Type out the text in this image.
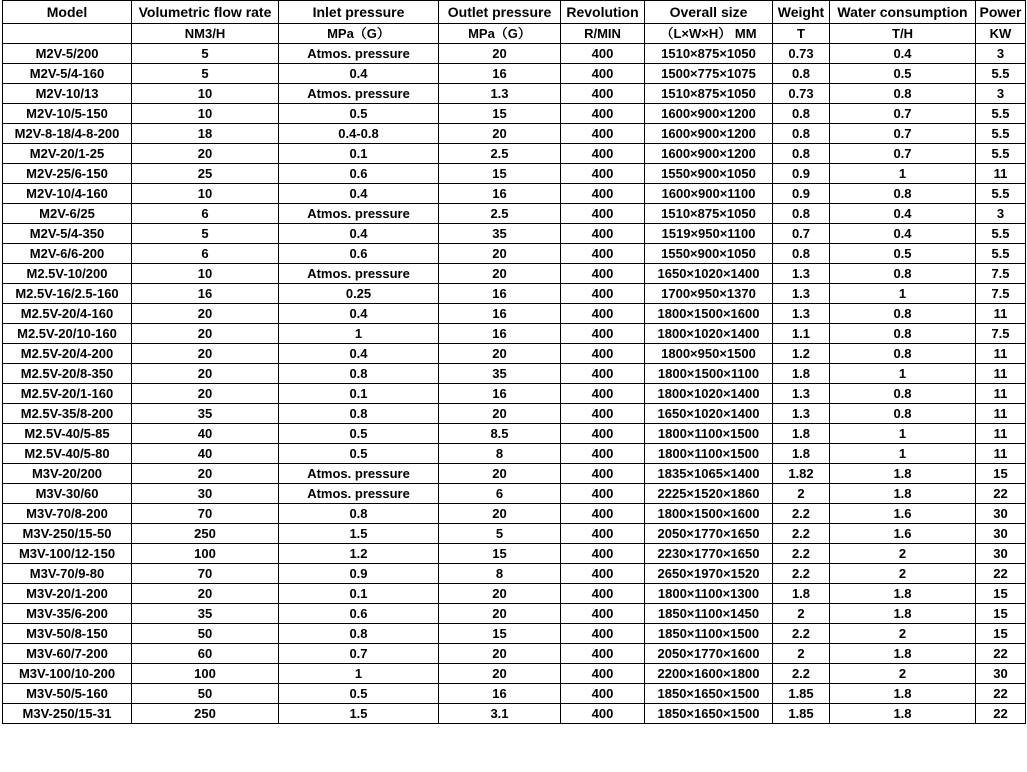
Model	Volumetric flow rate	Inlet pressure	Outlet pressure	Revolution	Overall size	Weight	Water consumption	Power
	NM3/H	MPa（G）	MPa（G）	R/MIN	（L×W×H） MM	T	T/H	KW
M2V-5/200	5	Atmos. pressure	20	400	1510×875×1050	0.73	0.4	3
M2V-5/4-160	5	0.4	16	400	1500×775×1075	0.8	0.5	5.5
M2V-10/13	10	Atmos. pressure	1.3	400	1510×875×1050	0.73	0.8	3
M2V-10/5-150	10	0.5	15	400	1600×900×1200	0.8	0.7	5.5
M2V-8-18/4-8-200	18	0.4-0.8	20	400	1600×900×1200	0.8	0.7	5.5
M2V-20/1-25	20	0.1	2.5	400	1600×900×1200	0.8	0.7	5.5
M2V-25/6-150	25	0.6	15	400	1550×900×1050	0.9	1	11
M2V-10/4-160	10	0.4	16	400	1600×900×1100	0.9	0.8	5.5
M2V-6/25	6	Atmos. pressure	2.5	400	1510×875×1050	0.8	0.4	3
M2V-5/4-350	5	0.4	35	400	1519×950×1100	0.7	0.4	5.5
M2V-6/6-200	6	0.6	20	400	1550×900×1050	0.8	0.5	5.5
M2.5V-10/200	10	Atmos. pressure	20	400	1650×1020×1400	1.3	0.8	7.5
M2.5V-16/2.5-160	16	0.25	16	400	1700×950×1370	1.3	1	7.5
M2.5V-20/4-160	20	0.4	16	400	1800×1500×1600	1.3	0.8	11
M2.5V-20/10-160	20	1	16	400	1800×1020×1400	1.1	0.8	7.5
M2.5V-20/4-200	20	0.4	20	400	1800×950×1500	1.2	0.8	11
M2.5V-20/8-350	20	0.8	35	400	1800×1500×1100	1.8	1	11
M2.5V-20/1-160	20	0.1	16	400	1800×1020×1400	1.3	0.8	11
M2.5V-35/8-200	35	0.8	20	400	1650×1020×1400	1.3	0.8	11
M2.5V-40/5-85	40	0.5	8.5	400	1800×1100×1500	1.8	1	11
M2.5V-40/5-80	40	0.5	8	400	1800×1100×1500	1.8	1	11
M3V-20/200	20	Atmos. pressure	20	400	1835×1065×1400	1.82	1.8	15
M3V-30/60	30	Atmos. pressure	6	400	2225×1520×1860	2	1.8	22
M3V-70/8-200	70	0.8	20	400	1800×1500×1600	2.2	1.6	30
M3V-250/15-50	250	1.5	5	400	2050×1770×1650	2.2	1.6	30
M3V-100/12-150	100	1.2	15	400	2230×1770×1650	2.2	2	30
M3V-70/9-80	70	0.9	8	400	2650×1970×1520	2.2	2	22
M3V-20/1-200	20	0.1	20	400	1800×1100×1300	1.8	1.8	15
M3V-35/6-200	35	0.6	20	400	1850×1100×1450	2	1.8	15
M3V-50/8-150	50	0.8	15	400	1850×1100×1500	2.2	2	15
M3V-60/7-200	60	0.7	20	400	2050×1770×1600	2	1.8	22
M3V-100/10-200	100	1	20	400	2200×1600×1800	2.2	2	30
M3V-50/5-160	50	0.5	16	400	1850×1650×1500	1.85	1.8	22
M3V-250/15-31	250	1.5	3.1	400	1850×1650×1500	1.85	1.8	22
